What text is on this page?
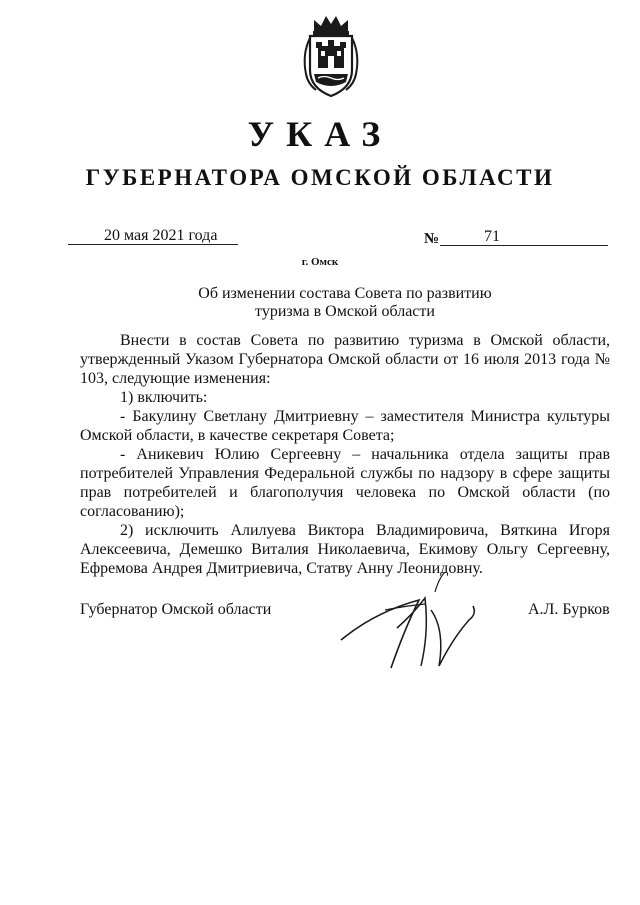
УКАЗ
ГУБЕРНАТОРА ОМСКОЙ ОБЛАСТИ
20 мая 2021 года	№	71
г. Омск
Об изменении состава Совета по развитию
туризма в Омской области

Внести в состав Совета по развитию туризма в Омской области, утвержденный Указом Губернатора Омской области от 16 июля 2013 года № 103, следующие изменения:

1) включить:

- Бакулину Светлану Дмитриевну – заместителя Министра культуры Омской области, в качестве секретаря Совета;

- Аникевич Юлию Сергеевну – начальника отдела защиты прав потребителей Управления Федеральной службы по надзору в сфере защиты прав потребителей и благополучия человека по Омской области (по согласованию);

2) исключить Алилуева Виктора Владимировича, Вяткина Игоря Алексеевича, Демешко Виталия Николаевича, Екимову Ольгу Сергеевну, Ефремова Андрея Дмитриевича, Статву Анну Леонидовну.

Губернатор Омской области	А.Л. Бурков
